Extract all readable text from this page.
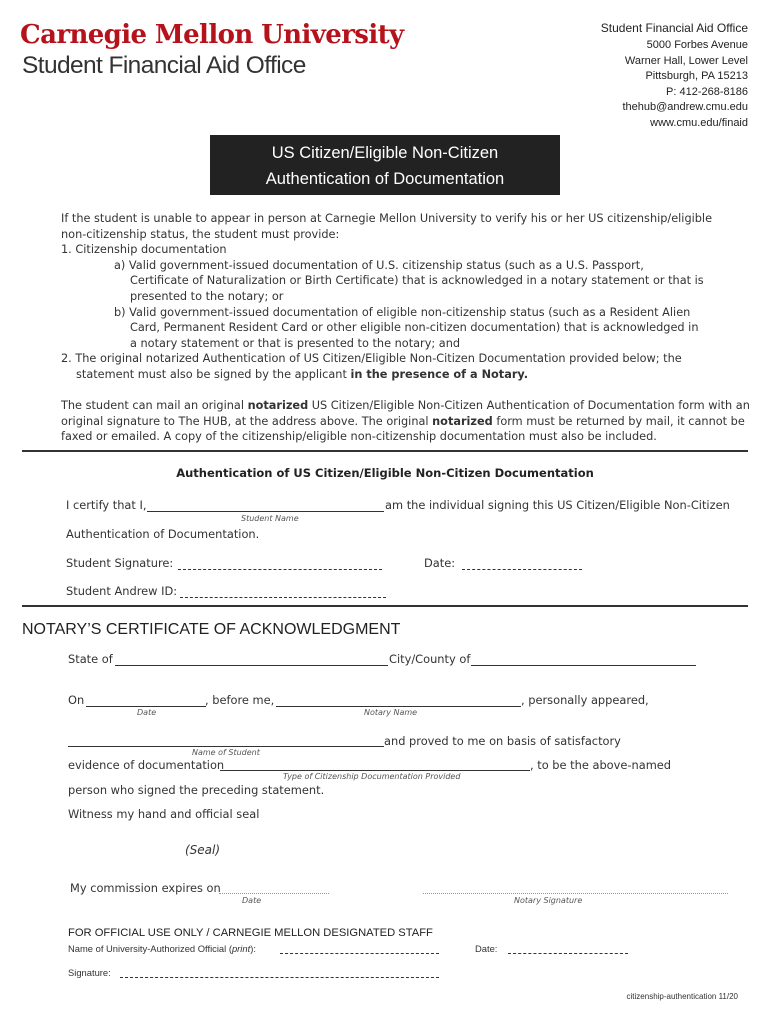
Carnegie Mellon University
Student Financial Aid Office
Student Financial Aid Office
5000 Forbes Avenue
Warner Hall, Lower Level
Pittsburgh, PA 15213
P: 412-268-8186
thehub@andrew.cmu.edu
www.cmu.edu/finaid
US Citizen/Eligible Non-Citizen
Authentication of Documentation
If the student is unable to appear in person at Carnegie Mellon University to verify his or her US citizenship/eligible
non-citizenship status, the student must provide:
1. Citizenship documentation
a) Valid government-issued documentation of U.S. citizenship status (such as a U.S. Passport,
Certificate of Naturalization or Birth Certificate) that is acknowledged in a notary statement or that is
presented to the notary; or
b) Valid government-issued documentation of eligible non-citizenship status (such as a Resident Alien
Card, Permanent Resident Card or other eligible non-citizen documentation) that is acknowledged in
a notary statement or that is presented to the notary; and
2. The original notarized Authentication of US Citizen/Eligible Non-Citizen Documentation provided below; the
statement must also be signed by the applicant in the presence of a Notary.
The student can mail an original notarized US Citizen/Eligible Non-Citizen Authentication of Documentation form with an
original signature to The HUB, at the address above. The original notarized form must be returned by mail, it cannot be
faxed or emailed. A copy of the citizenship/eligible non-citizenship documentation must also be included.
Authentication of US Citizen/Eligible Non-Citizen Documentation
I certify that I,	am the individual signing this US Citizen/Eligible Non-Citizen
Student Name
Authentication of Documentation.
Student Signature:	Date:
Student Andrew ID:
NOTARY’S CERTIFICATE OF ACKNOWLEDGMENT
State of	City/County of
On	, before me,	, personally appeared,
Date	Notary Name
and proved to me on basis of satisfactory
Name of Student
evidence of documentation	, to be the above-named
Type of Citizenship Documentation Provided
person who signed the preceding statement.
Witness my hand and official seal
(Seal)
My commission expires on
Date	Notary Signature
FOR OFFICIAL USE ONLY / CARNEGIE MELLON DESIGNATED STAFF
Name of University-Authorized Official (print):	Date:
Signature:
citizenship-authentication 11/20
